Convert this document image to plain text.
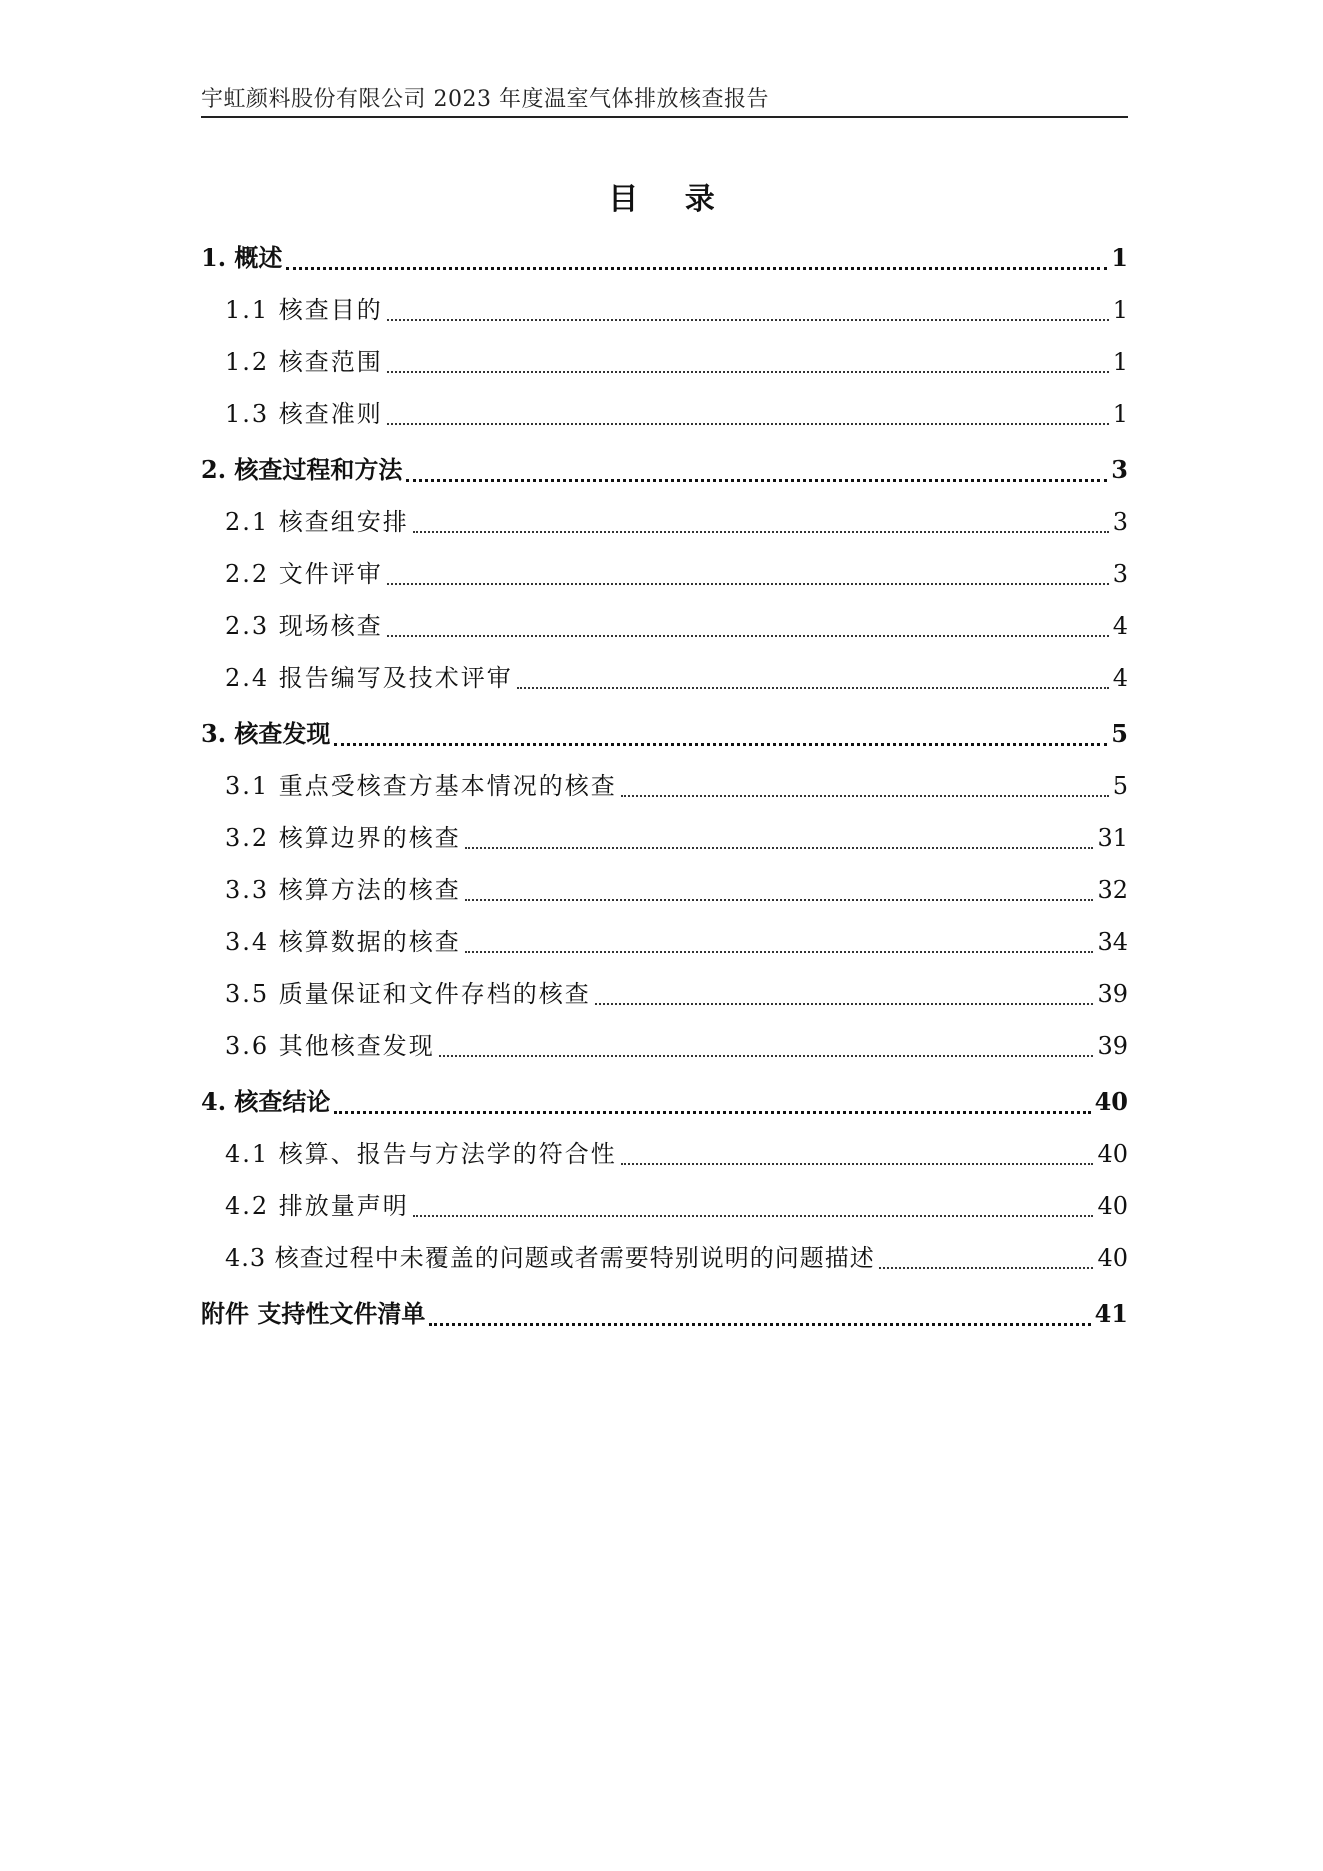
宇虹颜料股份有限公司 2023 年度温室气体排放核查报告
目 录
1. 概述	1
1.1 核查目的	1
1.2 核查范围	1
1.3 核查准则	1
2. 核查过程和方法	3
2.1 核查组安排	3
2.2 文件评审	3
2.3 现场核查	4
2.4 报告编写及技术评审	4
3. 核查发现	5
3.1 重点受核查方基本情况的核查	5
3.2 核算边界的核查	31
3.3 核算方法的核查	32
3.4 核算数据的核查	34
3.5 质量保证和文件存档的核查	39
3.6 其他核查发现	39
4. 核查结论	40
4.1 核算、报告与方法学的符合性	40
4.2 排放量声明	40
4.3 核查过程中未覆盖的问题或者需要特别说明的问题描述	40
附件 支持性文件清单	41
